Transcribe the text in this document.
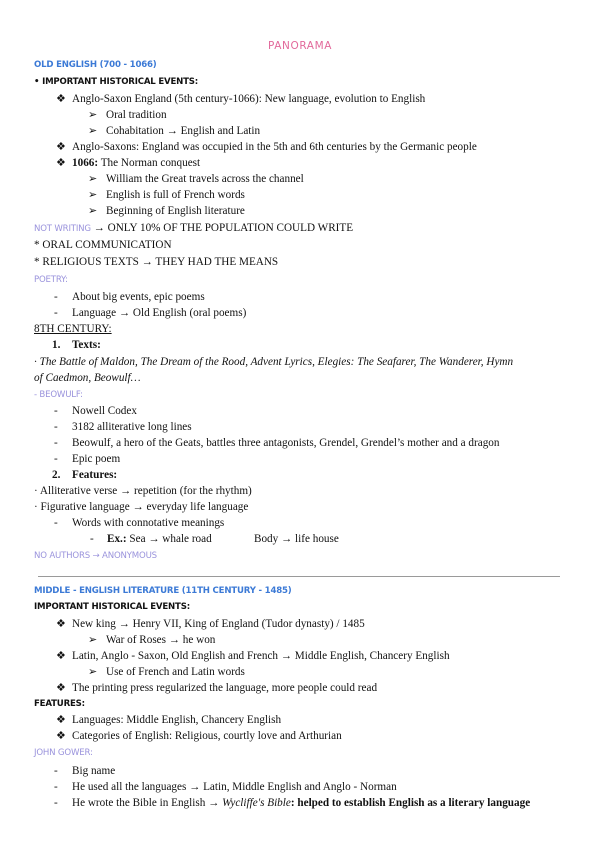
PANORAMA
OLD ENGLISH (700 - 1066)
• IMPORTANT HISTORICAL EVENTS:
❖ Anglo-Saxon England (5th century-1066): New language, evolution to English
➢ Oral tradition
➢ Cohabitation → English and Latin
❖ Anglo-Saxons: England was occupied in the 5th and 6th centuries by the Germanic people
❖ 1066: The Norman conquest
➢ William the Great travels across the channel
➢ English is full of French words
➢ Beginning of English literature
NOT WRITING → ONLY 10% OF THE POPULATION COULD WRITE
* ORAL COMMUNICATION
* RELIGIOUS TEXTS → THEY HAD THE MEANS
POETRY:
- About big events, epic poems
- Language → Old English (oral poems)
8TH CENTURY:
1. Texts:
· The Battle of Maldon, The Dream of the Rood, Advent Lyrics, Elegies: The Seafarer, The Wanderer, Hymn
of Caedmon, Beowulf…
- BEOWULF:
- Nowell Codex
- 3182 alliterative long lines
- Beowulf, a hero of the Geats, battles three antagonists, Grendel, Grendel’s mother and a dragon
- Epic poem
2. Features:
· Alliterative verse → repetition (for the rhythm)
· Figurative language → everyday life language
- Words with connotative meanings
- Ex.: Sea → whale road	Body → life house
NO AUTHORS → ANONYMOUS
MIDDLE - ENGLISH LITERATURE (11TH CENTURY - 1485)
IMPORTANT HISTORICAL EVENTS:
❖ New king → Henry VII, King of England (Tudor dynasty) / 1485
➢ War of Roses → he won
❖ Latin, Anglo - Saxon, Old English and French → Middle English, Chancery English
➢ Use of French and Latin words
❖ The printing press regularized the language, more people could read
FEATURES:
❖ Languages: Middle English, Chancery English
❖ Categories of English: Religious, courtly love and Arthurian
JOHN GOWER:
- Big name
- He used all the languages → Latin, Middle English and Anglo - Norman
- He wrote the Bible in English → Wycliffe's Bible: helped to establish English as a literary language
